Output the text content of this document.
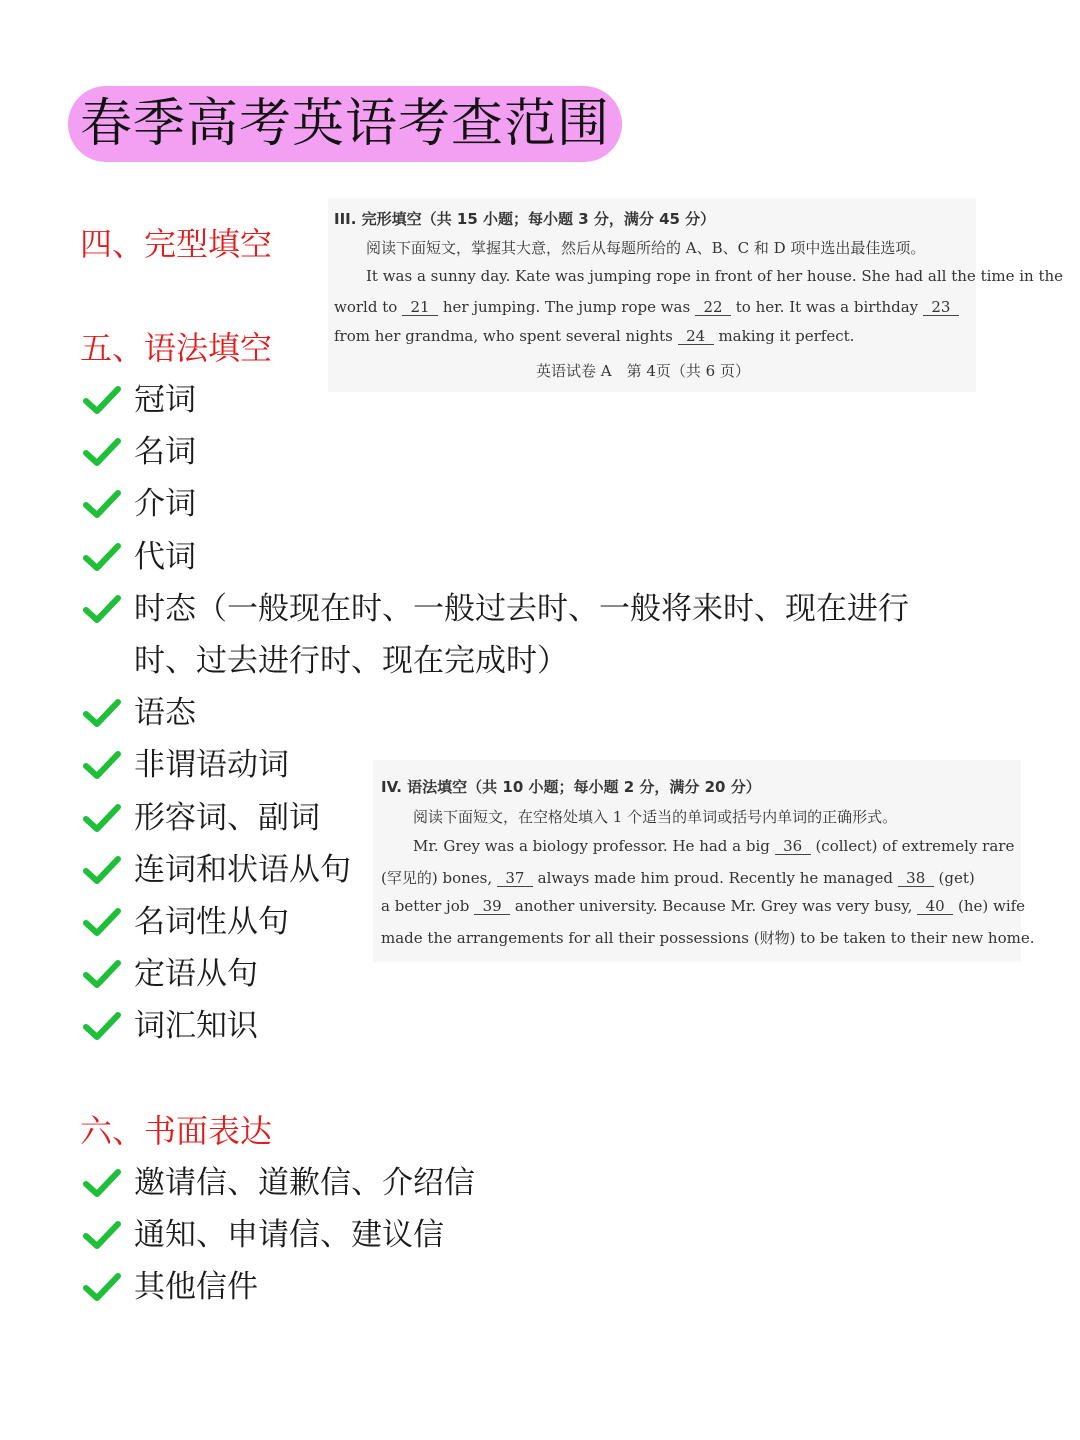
春季高考英语考查范围
四、完型填空
五、语法填空
冠词
名词
介词
代词
时态（一般现在时、一般过去时、一般将来时、现在进行
时、过去进行时、现在完成时）
语态
非谓语动词
形容词、副词
连词和状语从句
名词性从句
定语从句
词汇知识
六、书面表达
邀请信、道歉信、介绍信
通知、申请信、建议信
其他信件
III. 完形填空（共 15 小题；每小题 3 分，满分 45 分）
阅读下面短文，掌握其大意，然后从每题所给的 A、B、C 和 D 项中选出最佳选项。
It was a sunny day. Kate was jumping rope in front of her house. She had all the time in the
world to 21 her jumping. The jump rope was 22 to her. It was a birthday 23
from her grandma, who spent several nights 24 making it perfect.
英语试卷 A　第 4页（共 6 页）
IV. 语法填空（共 10 小题；每小题 2 分，满分 20 分）
阅读下面短文，在空格处填入 1 个适当的单词或括号内单词的正确形式。
Mr. Grey was a biology professor. He had a big 36 (collect) of extremely rare
(罕见的) bones, 37 always made him proud. Recently he managed 38 (get)
a better job 39 another university. Because Mr. Grey was very busy, 40 (he) wife
made the arrangements for all their possessions (财物) to be taken to their new home.
